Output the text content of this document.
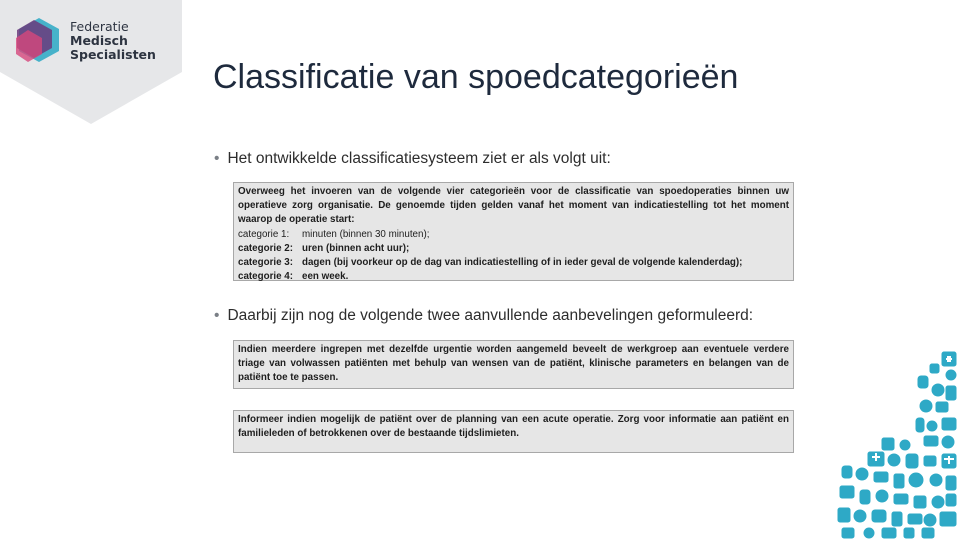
Federatie
Medisch
Specialisten
Classificatie van spoedcategorieën
• Het ontwikkelde classificatiesysteem ziet er als volgt uit:
Overweeg het invoeren van de volgende vier categorieën voor de classificatie van spoedoperaties binnen uw operatieve zorg organisatie. De genoemde tijden gelden vanaf het moment van indicatiestelling tot het moment waarop de operatie start:
categorie 1:	minuten (binnen 30 minuten);
categorie 2: uren (binnen acht uur);
categorie 3: dagen (bij voorkeur op de dag van indicatiestelling of in ieder geval de volgende kalenderdag);
categorie 4: een week.
• Daarbij zijn nog de volgende twee aanvullende aanbevelingen geformuleerd:
Indien meerdere ingrepen met dezelfde urgentie worden aangemeld beveelt de werkgroep aan eventuele verdere triage van volwassen patiënten met behulp van wensen van de patiënt, klinische parameters en belangen van de patiënt toe te passen.
Informeer indien mogelijk de patiënt over de planning van een acute operatie. Zorg voor informatie aan patiënt en familieleden of betrokkenen over de bestaande tijdslimieten.
